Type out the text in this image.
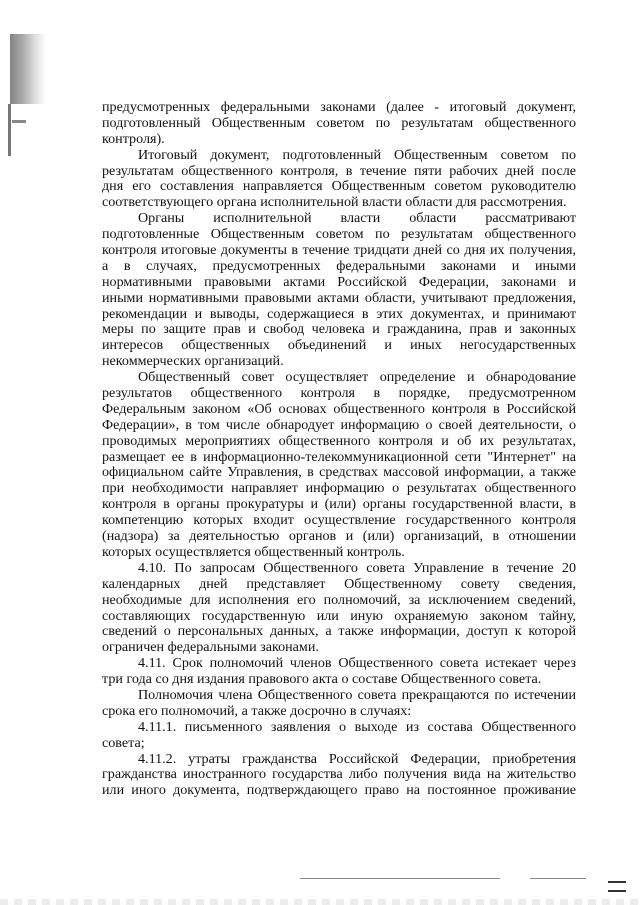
предусмотренных федеральными законами (далее - итоговый документ,
подготовленный Общественным советом по результатам общественного
контроля).
Итоговый документ, подготовленный Общественным советом по
результатам общественного контроля, в течение пяти рабочих дней после
дня его составления направляется Общественным советом руководителю
соответствующего органа исполнительной власти области для рассмотрения.
Органы исполнительной власти области рассматривают
подготовленные Общественным советом по результатам общественного
контроля итоговые документы в течение тридцати дней со дня их получения,
а в случаях, предусмотренных федеральными законами и иными
нормативными правовыми актами Российской Федерации, законами и
иными нормативными правовыми актами области, учитывают предложения,
рекомендации и выводы, содержащиеся в этих документах, и принимают
меры по защите прав и свобод человека и гражданина, прав и законных
интересов общественных объединений и иных негосударственных
некоммерческих организаций.
Общественный совет осуществляет определение и обнародование
результатов общественного контроля в порядке, предусмотренном
Федеральным законом «Об основах общественного контроля в Российской
Федерации», в том числе обнародует информацию о своей деятельности, о
проводимых мероприятиях общественного контроля и об их результатах,
размещает ее в информационно-телекоммуникационной сети "Интернет" на
официальном сайте Управления, в средствах массовой информации, а также
при необходимости направляет информацию о результатах общественного
контроля в органы прокуратуры и (или) органы государственной власти, в
компетенцию которых входит осуществление государственного контроля
(надзора) за деятельностью органов и (или) организаций, в отношении
которых осуществляется общественный контроль.
4.10. По запросам Общественного совета Управление в течение 20
календарных дней представляет Общественному совету сведения,
необходимые для исполнения его полномочий, за исключением сведений,
составляющих государственную или иную охраняемую законом тайну,
сведений о персональных данных, а также информации, доступ к которой
ограничен федеральными законами.
4.11. Срок полномочий членов Общественного совета истекает через
три года со дня издания правового акта о составе Общественного совета.
Полномочия члена Общественного совета прекращаются по истечении
срока его полномочий, а также досрочно в случаях:
4.11.1. письменного заявления о выходе из состава Общественного
совета;
4.11.2. утраты гражданства Российской Федерации, приобретения
гражданства иностранного государства либо получения вида на жительство
или иного документа, подтверждающего право на постоянное проживание
